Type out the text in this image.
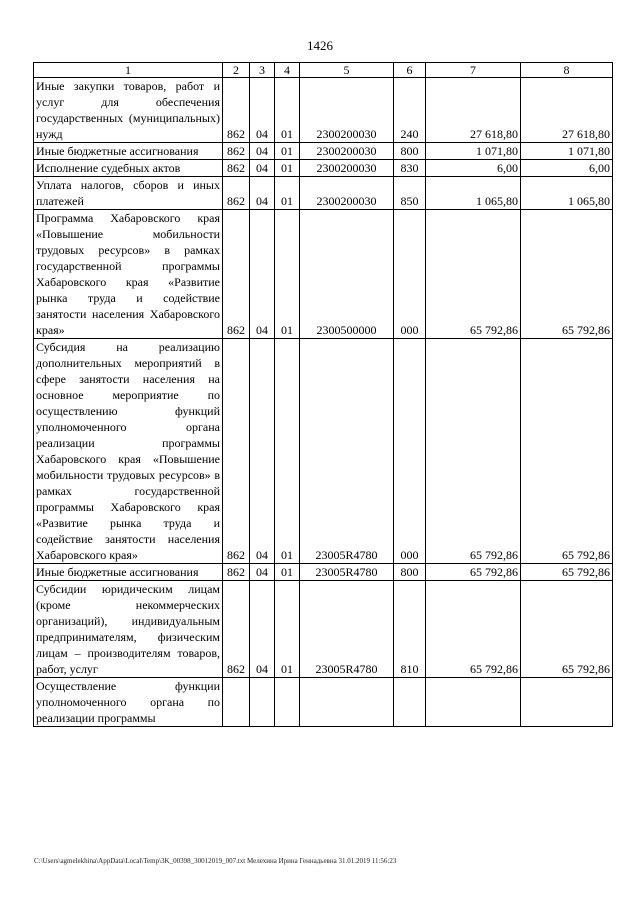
1426
1	2	3	4	5	6	7	8
Иные закупки товаров, работ и услуг для обеспечения государственных (муниципальных) нужд	862	04	01	2300200030	240	27 618,80	27 618,80
Иные бюджетные ассигнования	862	04	01	2300200030	800	1 071,80	1 071,80
Исполнение судебных актов	862	04	01	2300200030	830	6,00	6,00
Уплата налогов, сборов и иных платежей	862	04	01	2300200030	850	1 065,80	1 065,80
Программа Хабаровского края «Повышение мобильности трудовых ресурсов» в рамках государственной программы Хабаровского края «Развитие рынка труда и содействие занятости населения Хабаровского края»	862	04	01	2300500000	000	65 792,86	65 792,86
Субсидия на реализацию дополнительных мероприятий в сфере занятости населения на основное мероприятие по осуществлению функций уполномоченного органа реализации программы Хабаровского края «Повышение мобильности трудовых ресурсов» в рамках государственной программы Хабаровского края «Развитие рынка труда и содействие занятости населения Хабаровского края»	862	04	01	23005R4780	000	65 792,86	65 792,86
Иные бюджетные ассигнования	862	04	01	23005R4780	800	65 792,86	65 792,86
Субсидии юридическим лицам (кроме некоммерческих организаций), индивидуальным предпринимателям, физическим лицам – производителям товаров, работ, услуг	862	04	01	23005R4780	810	65 792,86	65 792,86
Осуществление функции уполномоченного органа по реализации программы							
C:\Users\agmelekhina\AppData\Local\Temp\3K_00398_30012019_007.txt Мелехина Ирина Геннадьевна 31.01.2019 11:56:23
